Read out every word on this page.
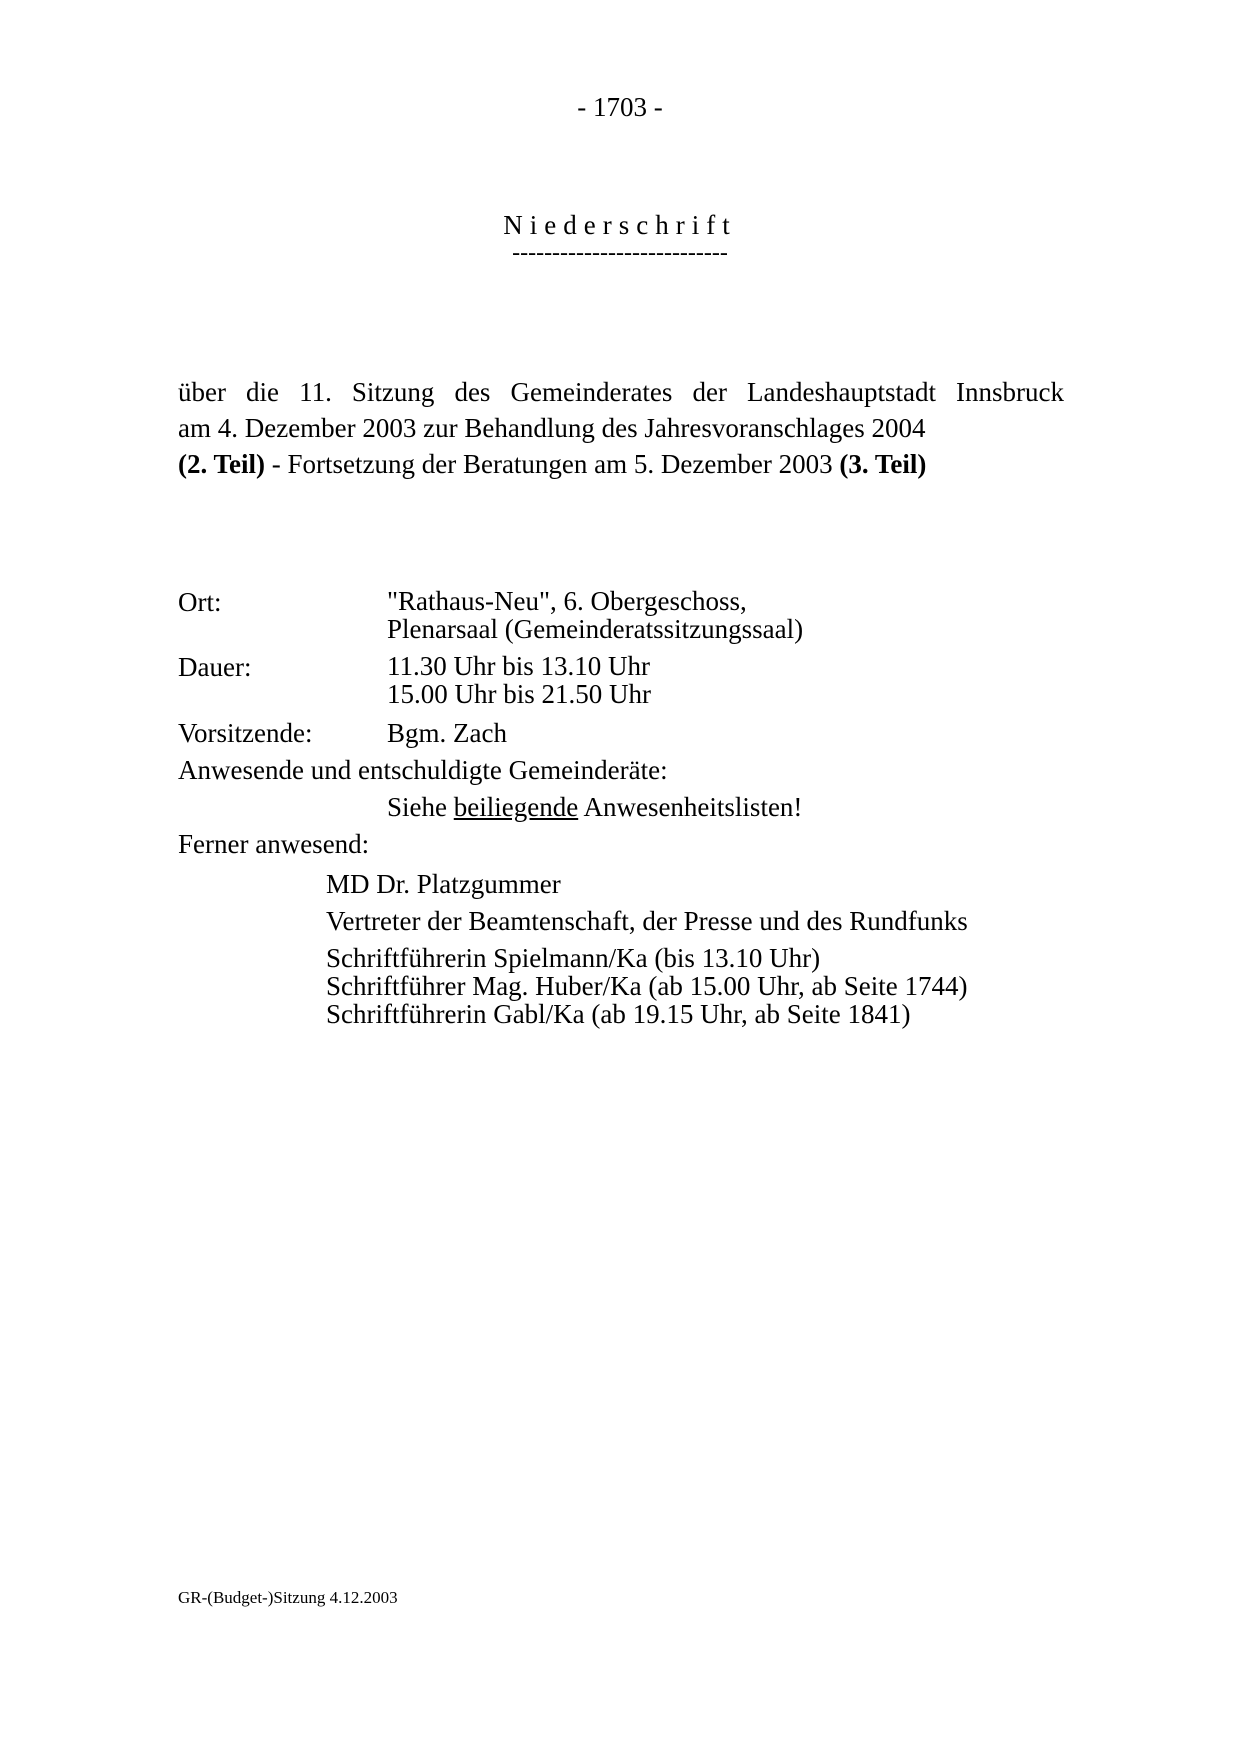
- 1703 -
Niederschrift
---------------------------
über die 11. Sitzung des Gemeinderates der Landeshauptstadt Innsbruck
am 4. Dezember 2003 zur Behandlung des Jahresvoranschlages 2004
(2. Teil) - Fortsetzung der Beratungen am 5. Dezember 2003 (3. Teil)
Ort:	"Rathaus-Neu", 6. Obergeschoss,
Plenarsaal (Gemeinderatssitzungssaal)
Dauer:	11.30 Uhr bis 13.10 Uhr
15.00 Uhr bis 21.50 Uhr
Vorsitzende:	Bgm. Zach
Anwesende und entschuldigte Gemeinderäte:
Siehe beiliegende Anwesenheitslisten!
Ferner anwesend:
MD Dr. Platzgummer
Vertreter der Beamtenschaft, der Presse und des Rundfunks
Schriftführerin Spielmann/Ka (bis 13.10 Uhr)
Schriftführer Mag. Huber/Ka (ab 15.00 Uhr, ab Seite 1744)
Schriftführerin Gabl/Ka (ab 19.15 Uhr, ab Seite 1841)
GR-(Budget-)Sitzung 4.12.2003
